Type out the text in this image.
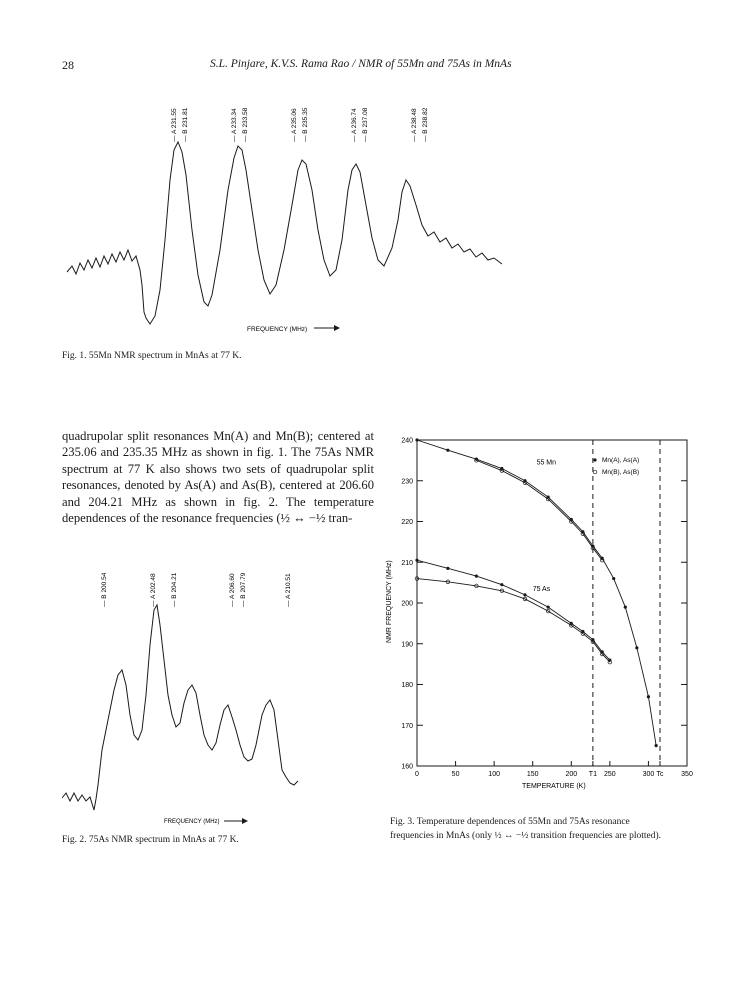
28	S.L. Pinjare, K.V.S. Rama Rao / NMR of 55Mn and 75As in MnAs
— A 231.55 — B 231.81	— A 233.34 — B 233.58	— A 235.06 — B 235.35	— A 236.74 — B 237.08	— A 238.48 — B 238.82
FREQUENCY (MHz)
Fig. 1. 55Mn NMR spectrum in MnAs at 77 K.

quadrupolar split resonances Mn(A) and Mn(B); centered at 235.06 and 235.35 MHz as shown in fig. 1. The 75As NMR spectrum at 77 K also shows two sets of quadrupolar split resonances, denoted by As(A) and As(B), centered at 206.60 and 204.21 MHz as shown in fig. 2. The temperature dependences of the resonance frequencies (½ ↔ −½ tran-

— B 200.54	— A 202.48 — B 204.21	— A 206.60 — B 207.79	— A 210.51
FREQUENCY (MHz)
Fig. 2. 75As NMR spectrum in MnAs at 77 K.
160
170
180
190
200
210
220
230
240
0	50	100	150	200 T1 250	300 Tc	350
Mn(A), As(A)
Mn(B), As(B)
55 Mn
75 As
NMR FREQUENCY (MHz)
TEMPERATURE (K)
Fig. 3. Temperature dependences of 55Mn and 75As resonance frequencies in MnAs (only ½ ↔ −½ transition frequencies are plotted).
